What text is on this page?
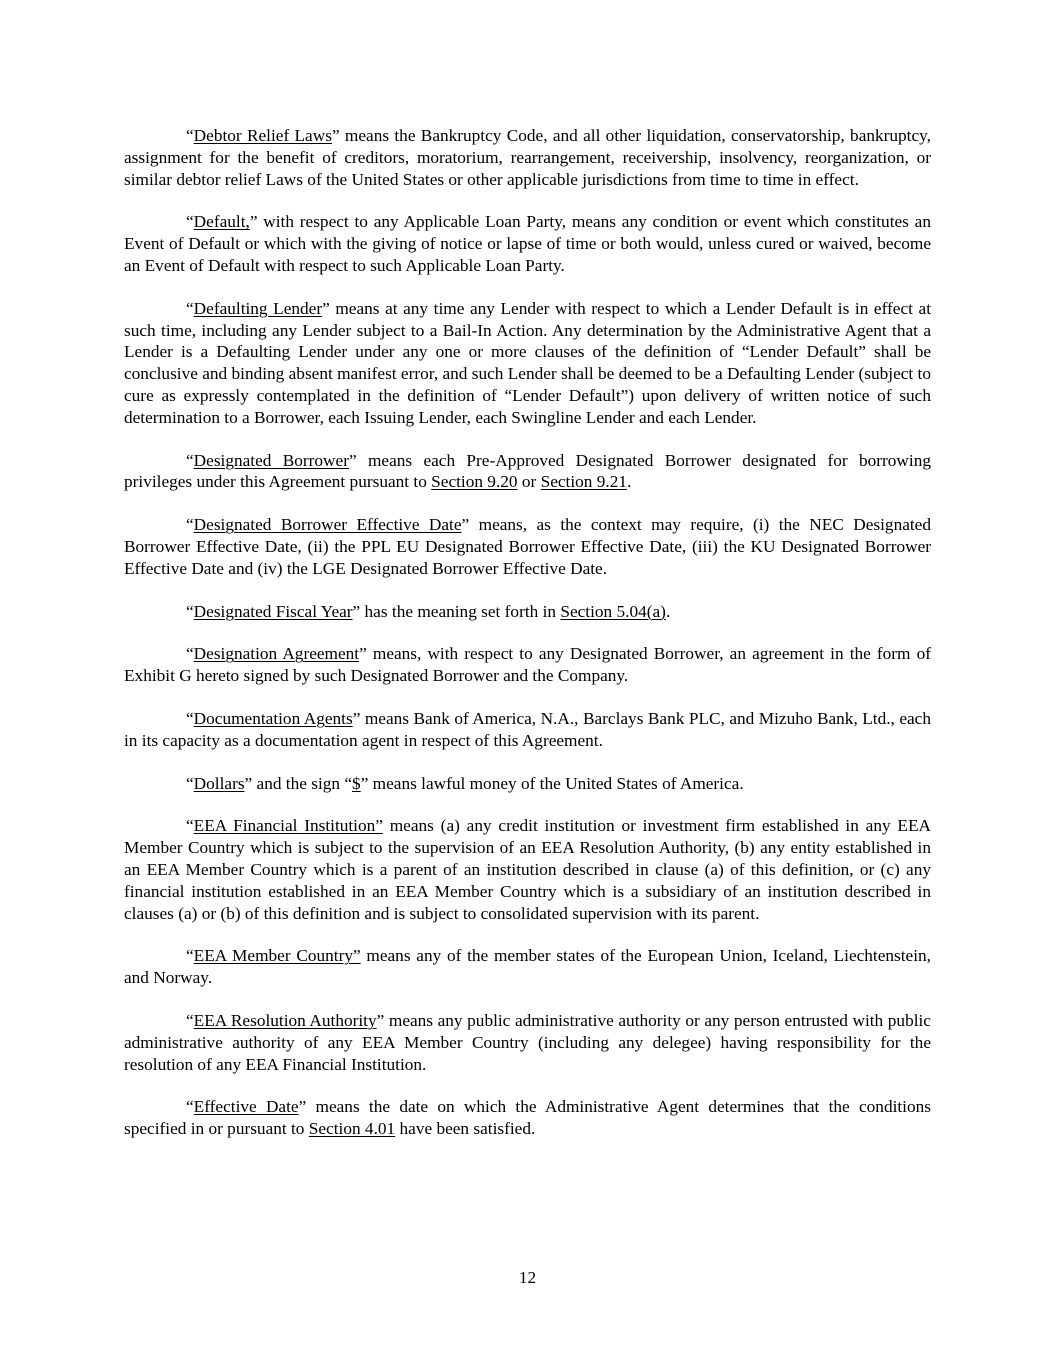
“Debtor Relief Laws” means the Bankruptcy Code, and all other liquidation, conservatorship, bankruptcy, assignment for the benefit of creditors, moratorium, rearrangement, receivership, insolvency, reorganization, or similar debtor relief Laws of the United States or other applicable jurisdictions from time to time in effect.

“Default,” with respect to any Applicable Loan Party, means any condition or event which constitutes an Event of Default or which with the giving of notice or lapse of time or both would, unless cured or waived, become an Event of Default with respect to such Applicable Loan Party.

“Defaulting Lender” means at any time any Lender with respect to which a Lender Default is in effect at such time, including any Lender subject to a Bail-In Action. Any determination by the Administrative Agent that a Lender is a Defaulting Lender under any one or more clauses of the definition of “Lender Default” shall be conclusive and binding absent manifest error, and such Lender shall be deemed to be a Defaulting Lender (subject to cure as expressly contemplated in the definition of “Lender Default”) upon delivery of written notice of such determination to a Borrower, each Issuing Lender, each Swingline Lender and each Lender.

“Designated Borrower” means each Pre-Approved Designated Borrower designated for borrowing privileges under this Agreement pursuant to Section 9.20 or Section 9.21.

“Designated Borrower Effective Date” means, as the context may require, (i) the NEC Designated Borrower Effective Date, (ii) the PPL EU Designated Borrower Effective Date, (iii) the KU Designated Borrower Effective Date and (iv) the LGE Designated Borrower Effective Date.

“Designated Fiscal Year” has the meaning set forth in Section 5.04(a).

“Designation Agreement” means, with respect to any Designated Borrower, an agreement in the form of Exhibit G hereto signed by such Designated Borrower and the Company.

“Documentation Agents” means Bank of America, N.A., Barclays Bank PLC, and Mizuho Bank, Ltd., each in its capacity as a documentation agent in respect of this Agreement.

“Dollars” and the sign “$” means lawful money of the United States of America.

“EEA Financial Institution” means (a) any credit institution or investment firm established in any EEA Member Country which is subject to the supervision of an EEA Resolution Authority, (b) any entity established in an EEA Member Country which is a parent of an institution described in clause (a) of this definition, or (c) any financial institution established in an EEA Member Country which is a subsidiary of an institution described in clauses (a) or (b) of this definition and is subject to consolidated supervision with its parent.

“EEA Member Country” means any of the member states of the European Union, Iceland, Liechtenstein, and Norway.

“EEA Resolution Authority” means any public administrative authority or any person entrusted with public administrative authority of any EEA Member Country (including any delegee) having responsibility for the resolution of any EEA Financial Institution.

“Effective Date” means the date on which the Administrative Agent determines that the conditions specified in or pursuant to Section 4.01 have been satisfied.

12
